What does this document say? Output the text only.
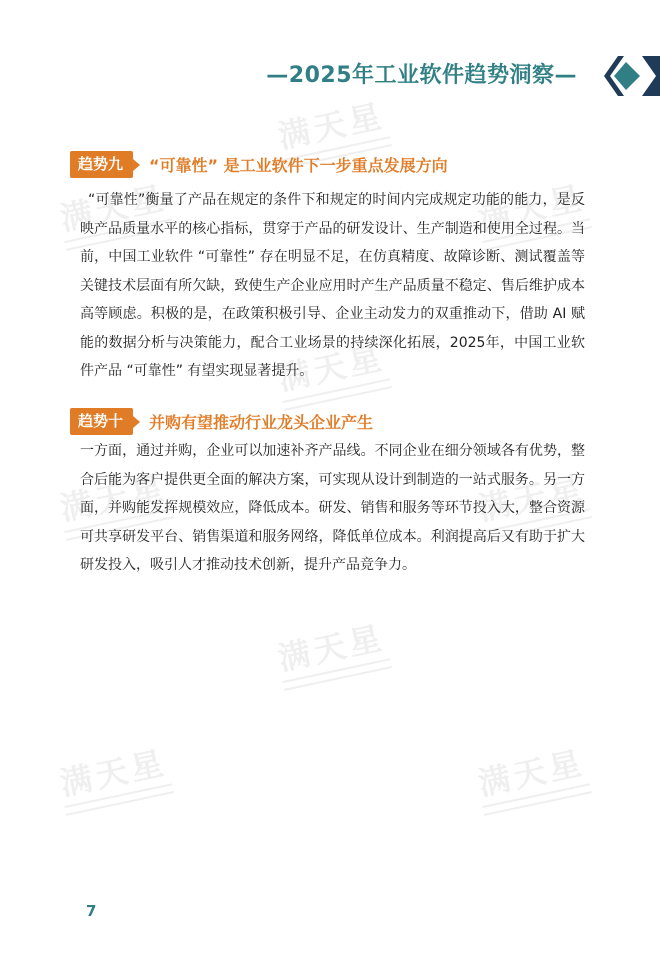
满天星
满天星	满天星
满天星
满天星	满天星
满天星
满天星	满天星
—2025年工业软件趋势洞察—
趋势九	“可靠性” 是工业软件下一步重点发展方向

“可靠性”衡量了产品在规定的条件下和规定的时间内完成规定功能的能力，是反映产品质量水平的核心指标，贯穿于产品的研发设计、生产制造和使用全过程。当前，中国工业软件 “可靠性” 存在明显不足，在仿真精度、故障诊断、测试覆盖等关键技术层面有所欠缺，致使生产企业应用时产生产品质量不稳定、售后维护成本高等顾虑。积极的是，在政策积极引导、企业主动发力的双重推动下，借助 AI 赋能的数据分析与决策能力，配合工业场景的持续深化拓展，2025年，中国工业软件产品 “可靠性” 有望实现显著提升。

趋势十	并购有望推动行业龙头企业产生

一方面，通过并购，企业可以加速补齐产品线。不同企业在细分领域各有优势，整合后能为客户提供更全面的解决方案，可实现从设计到制造的一站式服务。另一方面，并购能发挥规模效应，降低成本。研发、销售和服务等环节投入大，整合资源可共享研发平台、销售渠道和服务网络，降低单位成本。利润提高后又有助于扩大研发投入，吸引人才推动技术创新，提升产品竞争力。

7
